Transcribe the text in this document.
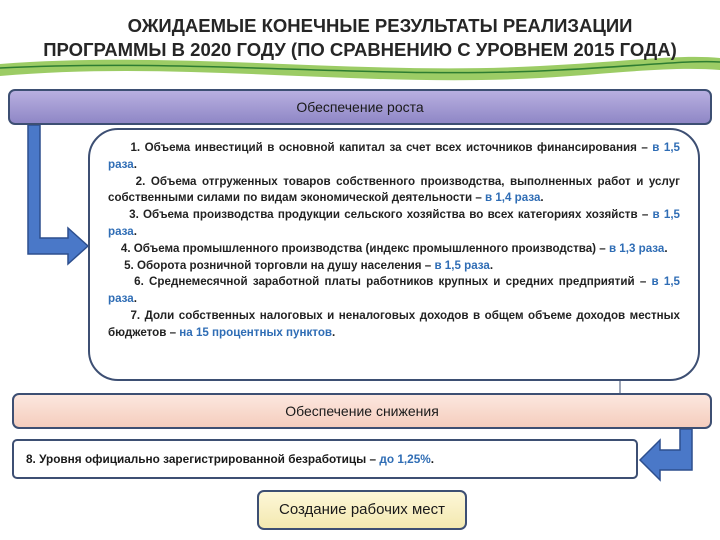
ОЖИДАЕМЫЕ КОНЕЧНЫЕ РЕЗУЛЬТАТЫ РЕАЛИЗАЦИИ
ПРОГРАММЫ В 2020 ГОДУ (ПО СРАВНЕНИЮ С УРОВНЕМ 2015 ГОДА)
Обеспечение роста

1. Объема инвестиций в основной капитал за счет всех источников финансирования – в 1,5 раза.

2. Объема отгруженных товаров собственного производства, выполненных работ и услуг собственными силами по видам экономической деятельности – в 1,4 раза.

3. Объема производства продукции сельского хозяйства во всех категориях хозяйств – в 1,5 раза.

4. Объема промышленного производства (индекс промышленного производства) – в 1,3 раза.

5. Оборота розничной торговли на душу населения – в 1,5 раза.

6. Среднемесячной заработной платы работников крупных и средних предприятий – в 1,5 раза.

7. Доли собственных налоговых и неналоговых доходов в общем объеме доходов местных бюджетов – на 15 процентных пунктов.

Обеспечение снижения
8. Уровня официально зарегистрированной безработицы – до 1,25%.
Создание рабочих мест
